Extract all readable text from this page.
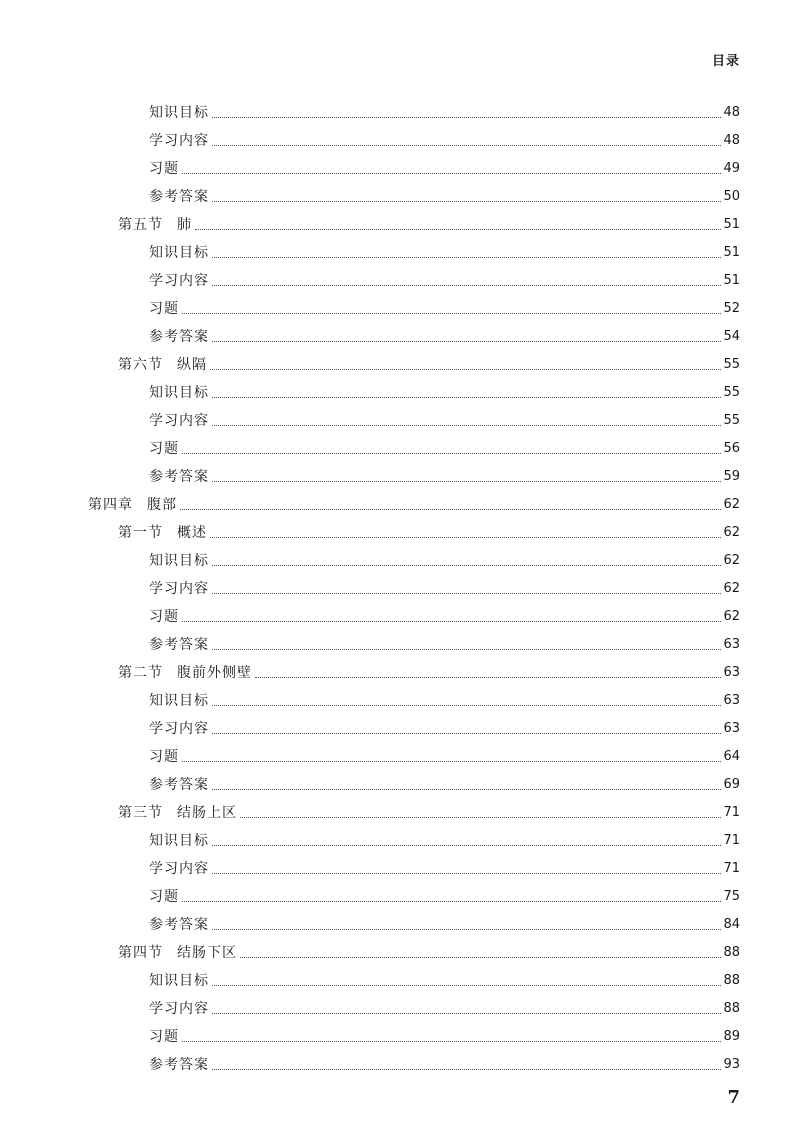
目录
知识目标	48
学习内容	48
习题	49
参考答案	50
第五节 肺	51
知识目标	51
学习内容	51
习题	52
参考答案	54
第六节 纵隔	55
知识目标	55
学习内容	55
习题	56
参考答案	59
第四章 腹部	62
第一节 概述	62
知识目标	62
学习内容	62
习题	62
参考答案	63
第二节 腹前外侧壁	63
知识目标	63
学习内容	63
习题	64
参考答案	69
第三节 结肠上区	71
知识目标	71
学习内容	71
习题	75
参考答案	84
第四节 结肠下区	88
知识目标	88
学习内容	88
习题	89
参考答案	93
7
